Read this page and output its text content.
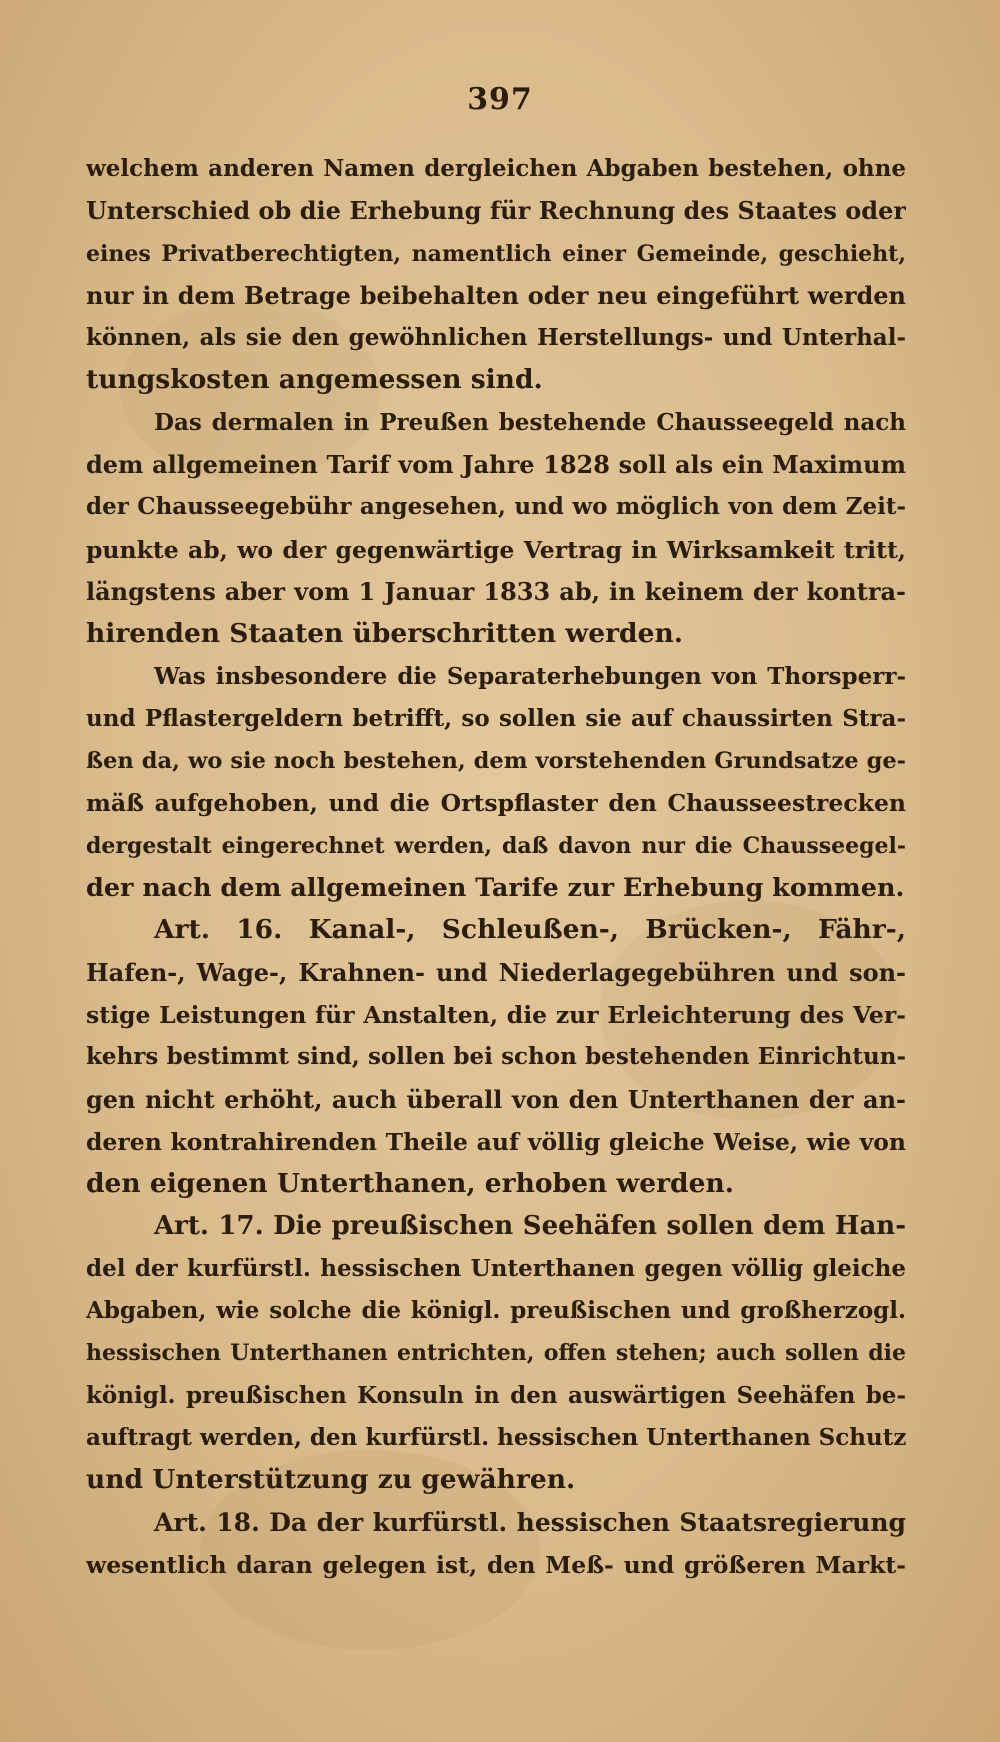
397
welchem anderen Namen dergleichen Abgaben bestehen, ohne
Unterschied ob die Erhebung für Rechnung des Staates oder
eines Privatberechtigten, namentlich einer Gemeinde, geschieht,
nur in dem Betrage beibehalten oder neu eingeführt werden
können, als sie den gewöhnlichen Herstellungs- und Unterhal-
tungskosten angemessen sind.
Das dermalen in Preußen bestehende Chausseegeld nach
dem allgemeinen Tarif vom Jahre 1828 soll als ein Maximum
der Chausseegebühr angesehen, und wo möglich von dem Zeit-
punkte ab, wo der gegenwärtige Vertrag in Wirksamkeit tritt,
längstens aber vom 1 Januar 1833 ab, in keinem der kontra-
hirenden Staaten überschritten werden.
Was insbesondere die Separaterhebungen von Thorsperr-
und Pflastergeldern betrifft, so sollen sie auf chaussirten Stra-
ßen da, wo sie noch bestehen, dem vorstehenden Grundsatze ge-
mäß aufgehoben, und die Ortspflaster den Chausseestrecken
dergestalt eingerechnet werden, daß davon nur die Chausseegel-
der nach dem allgemeinen Tarife zur Erhebung kommen.
Art. 16. Kanal-, Schleußen-, Brücken-, Fähr-,
Hafen-, Wage-, Krahnen- und Niederlagegebühren und son-
stige Leistungen für Anstalten, die zur Erleichterung des Ver-
kehrs bestimmt sind, sollen bei schon bestehenden Einrichtun-
gen nicht erhöht, auch überall von den Unterthanen der an-
deren kontrahirenden Theile auf völlig gleiche Weise, wie von
den eigenen Unterthanen, erhoben werden.
Art. 17. Die preußischen Seehäfen sollen dem Han-
del der kurfürstl. hessischen Unterthanen gegen völlig gleiche
Abgaben, wie solche die königl. preußischen und großherzogl.
hessischen Unterthanen entrichten, offen stehen; auch sollen die
königl. preußischen Konsuln in den auswärtigen Seehäfen be-
auftragt werden, den kurfürstl. hessischen Unterthanen Schutz
und Unterstützung zu gewähren.
Art. 18. Da der kurfürstl. hessischen Staatsregierung
wesentlich daran gelegen ist, den Meß- und größeren Markt-
